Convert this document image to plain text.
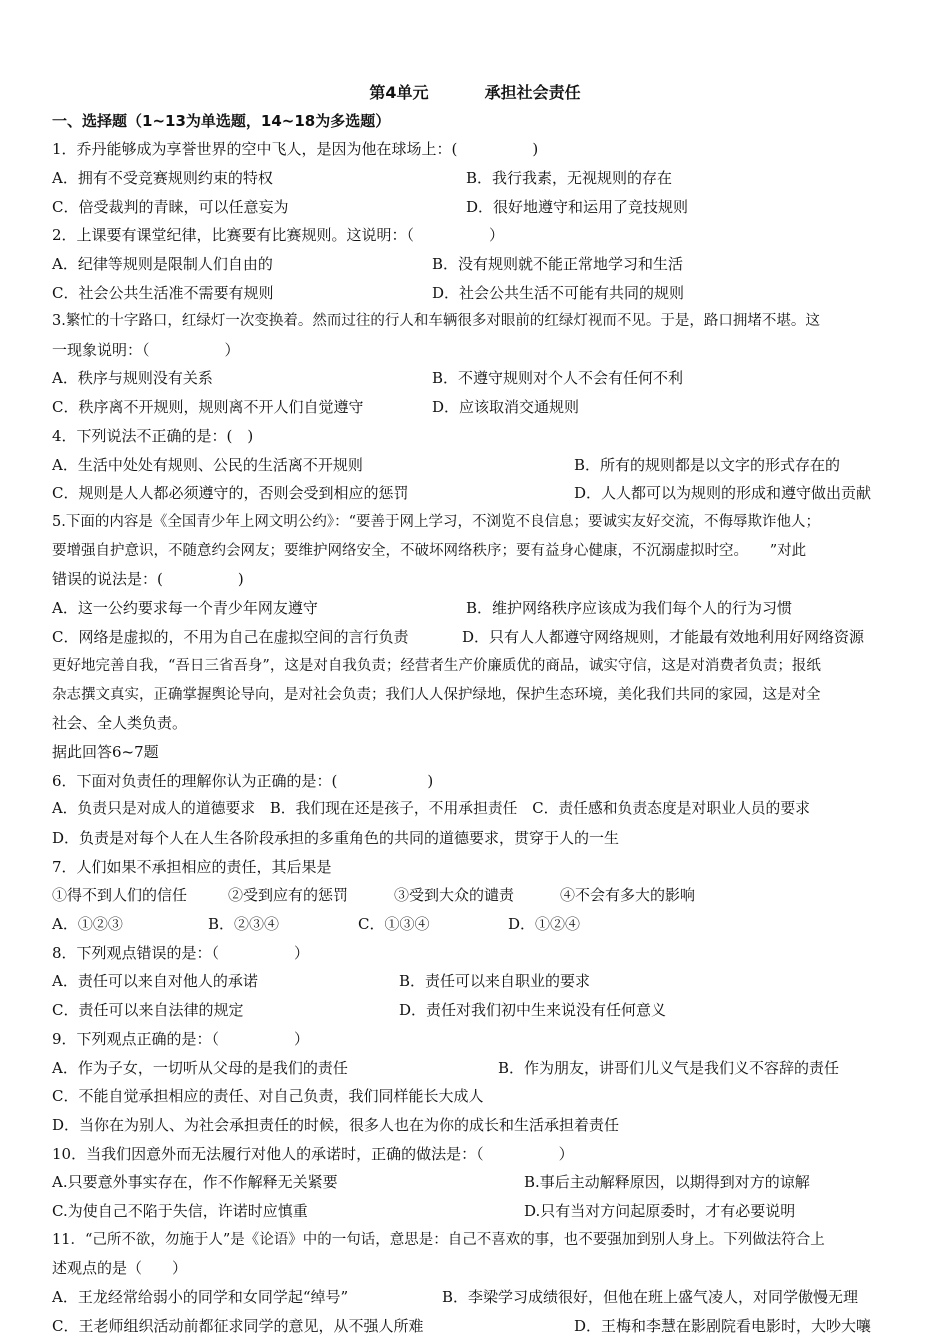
第4单元	承担社会责任
一、选择题（1~13为单选题，14~18为多选题）
1．乔丹能够成为享誉世界的空中飞人，是因为他在球场上：(　　　　　)
A．拥有不受竞赛规则约束的特权	B．我行我素，无视规则的存在
C．倍受裁判的青睐，可以任意妄为	D．很好地遵守和运用了竞技规则
2．上课要有课堂纪律，比赛要有比赛规则。这说明：（　　　　　）
A．纪律等规则是限制人们自由的	B．没有规则就不能正常地学习和生活
C．社会公共生活准不需要有规则	D．社会公共生活不可能有共同的规则
3.繁忙的十字路口，红绿灯一次变换着。然而过往的行人和车辆很多对眼前的红绿灯视而不见。于是，路口拥堵不堪。这
一现象说明：（　　　　　）
A．秩序与规则没有关系	B．不遵守规则对个人不会有任何不利
C．秩序离不开规则，规则离不开人们自觉遵守	D．应该取消交通规则
4．下列说法不正确的是：(　)
A．生活中处处有规则、公民的生活离不开规则	B．所有的规则都是以文字的形式存在的
C．规则是人人都必须遵守的，否则会受到相应的惩罚	D．人人都可以为规则的形成和遵守做出贡献
5.下面的内容是《全国青少年上网文明公约》：“要善于网上学习，不浏览不良信息；要诚实友好交流，不侮辱欺诈他人；
要增强自护意识，不随意约会网友；要维护网络安全，不破坏网络秩序；要有益身心健康，不沉溺虚拟时空。　　”对此
错误的说法是：(　　　　　)
A．这一公约要求每一个青少年网友遵守	B．维护网络秩序应该成为我们每个人的行为习惯
C．网络是虚拟的，不用为自己在虚拟空间的言行负责	D．只有人人都遵守网络规则，才能最有效地利用好网络资源
更好地完善自我，“吾日三省吾身”，这是对自我负责；经营者生产价廉质优的商品，诚实守信，这是对消费者负责；报纸
杂志撰文真实，正确掌握舆论导向，是对社会负责；我们人人保护绿地，保护生态环境，美化我们共同的家园，这是对全
社会、全人类负责。
据此回答6~7题
6．下面对负责任的理解你认为正确的是：(　　　　　　)
A．负责只是对成人的道德要求　B．我们现在还是孩子，不用承担责任　C．责任感和负责态度是对职业人员的要求
D．负责是对每个人在人生各阶段承担的多重角色的共同的道德要求，贯穿于人的一生
7．人们如果不承担相应的责任，其后果是
①得不到人们的信任	②受到应有的惩罚	③受到大众的谴责	④不会有多大的影响
A．①②③	B．②③④	C．①③④	D．①②④
8．下列观点错误的是：（　　　　　）
A．责任可以来自对他人的承诺	B．责任可以来自职业的要求
C．责任可以来自法律的规定	D．责任对我们初中生来说没有任何意义
9．下列观点正确的是：（　　　　　）
A．作为子女，一切听从父母的是我们的责任	B．作为朋友，讲哥们儿义气是我们义不容辞的责任
C．不能自觉承担相应的责任、对自己负责，我们同样能长大成人
D．当你在为别人、为社会承担责任的时候，很多人也在为你的成长和生活承担着责任
10．当我们因意外而无法履行对他人的承诺时，正确的做法是：（　　　　　）
A.只要意外事实存在，作不作解释无关紧要	B.事后主动解释原因，以期得到对方的谅解
C.为使自己不陷于失信，许诺时应慎重	D.只有当对方问起原委时，才有必要说明
11．“己所不欲，勿施于人”是《论语》中的一句话，意思是：自己不喜欢的事，也不要强加到别人身上。下列做法符合上
述观点的是（　　）
A．王龙经常给弱小的同学和女同学起“绰号”	B．李梁学习成绩很好，但他在班上盛气凌人，对同学傲慢无理
C．王老师组织活动前都征求同学的意见，从不强人所难	D．王梅和李慧在影剧院看电影时，大吵大嚷
